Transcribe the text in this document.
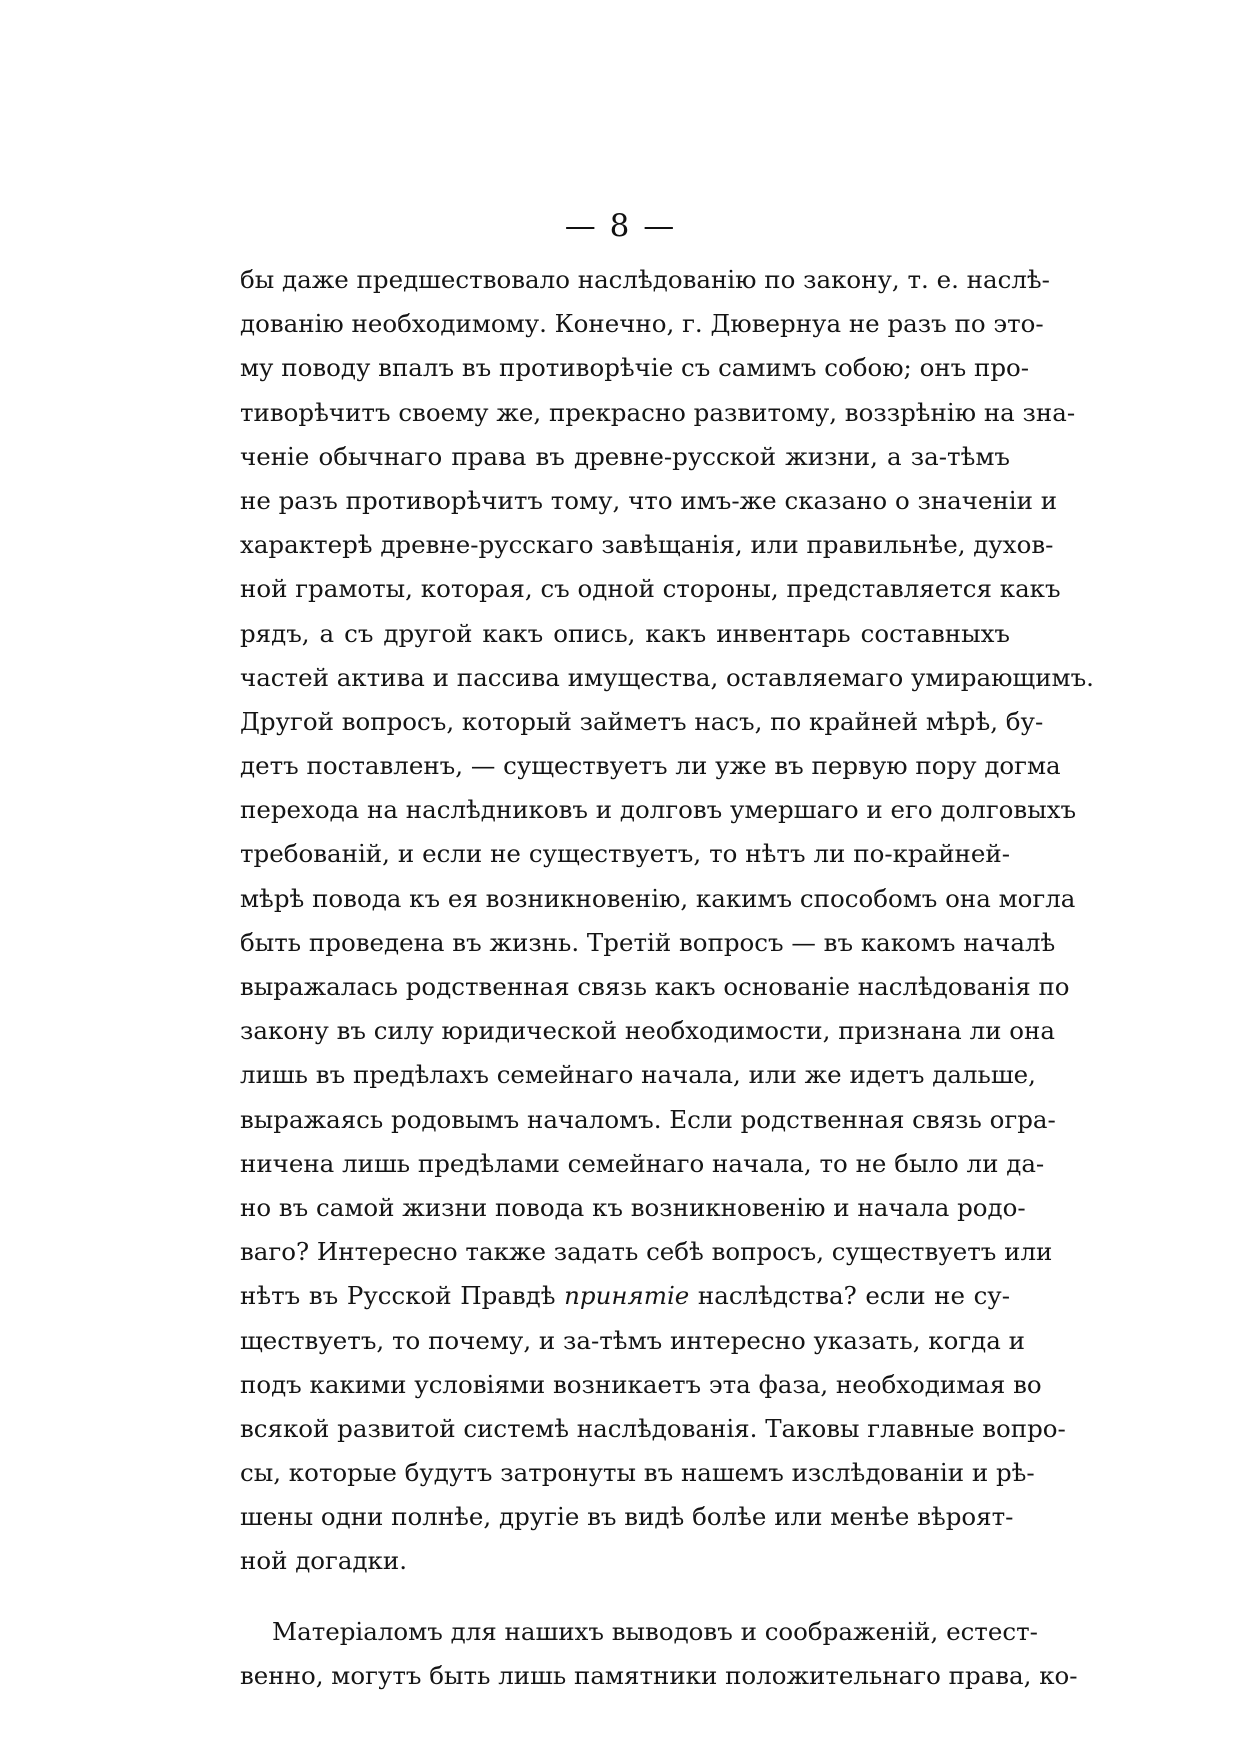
— 8 —
бы даже предшествовало наслѣдованію по закону, т. е. наслѣ-
дованію необходимому. Конечно, г. Дювернуа не разъ по это-
му поводу впалъ въ противорѣчіе съ самимъ собою; онъ про-
тиворѣчитъ своему же, прекрасно развитому, воззрѣнію на зна-
ченіе обычнаго права въ древне-русской жизни, а за-тѣмъ
не разъ противорѣчитъ тому, что имъ-же сказано о значеніи и
характерѣ древне-русскаго завѣщанія, или правильнѣе, духов-
ной грамоты, которая, съ одной стороны, представляется какъ
рядъ, а съ другой какъ опись, какъ инвентарь составныхъ
частей актива и пассива имущества, оставляемаго умирающимъ.
Другой вопросъ, который займетъ насъ, по крайней мѣрѣ, бу-
детъ поставленъ, — существуетъ ли уже въ первую пору догма
перехода на наслѣдниковъ и долговъ умершаго и его долговыхъ
требованій, и если не существуетъ, то нѣтъ ли по-крайней-
мѣрѣ повода къ ея возникновенію, какимъ способомъ она могла
быть проведена въ жизнь. Третій вопросъ — въ какомъ началѣ
выражалась родственная связь какъ основаніе наслѣдованія по
закону въ силу юридической необходимости, признана ли она
лишь въ предѣлахъ семейнаго начала, или же идетъ дальше,
выражаясь родовымъ началомъ. Если родственная связь огра-
ничена лишь предѣлами семейнаго начала, то не было ли да-
но въ самой жизни повода къ возникновенію и начала родо-
ваго? Интересно также задать себѣ вопросъ, существуетъ или
нѣтъ въ Русской Правдѣ принятіе наслѣдства? если не су-
ществуетъ, то почему, и за-тѣмъ интересно указать, когда и
подъ какими условіями возникаетъ эта фаза, необходимая во
всякой развитой системѣ наслѣдованія. Таковы главные вопро-
сы, которые будутъ затронуты въ нашемъ изслѣдованіи и рѣ-
шены одни полнѣе, другіе въ видѣ болѣе или менѣе вѣроят-
ной догадки.
Матеріаломъ для нашихъ выводовъ и соображеній, естест-
венно, могутъ быть лишь памятники положительнаго права, ко-
